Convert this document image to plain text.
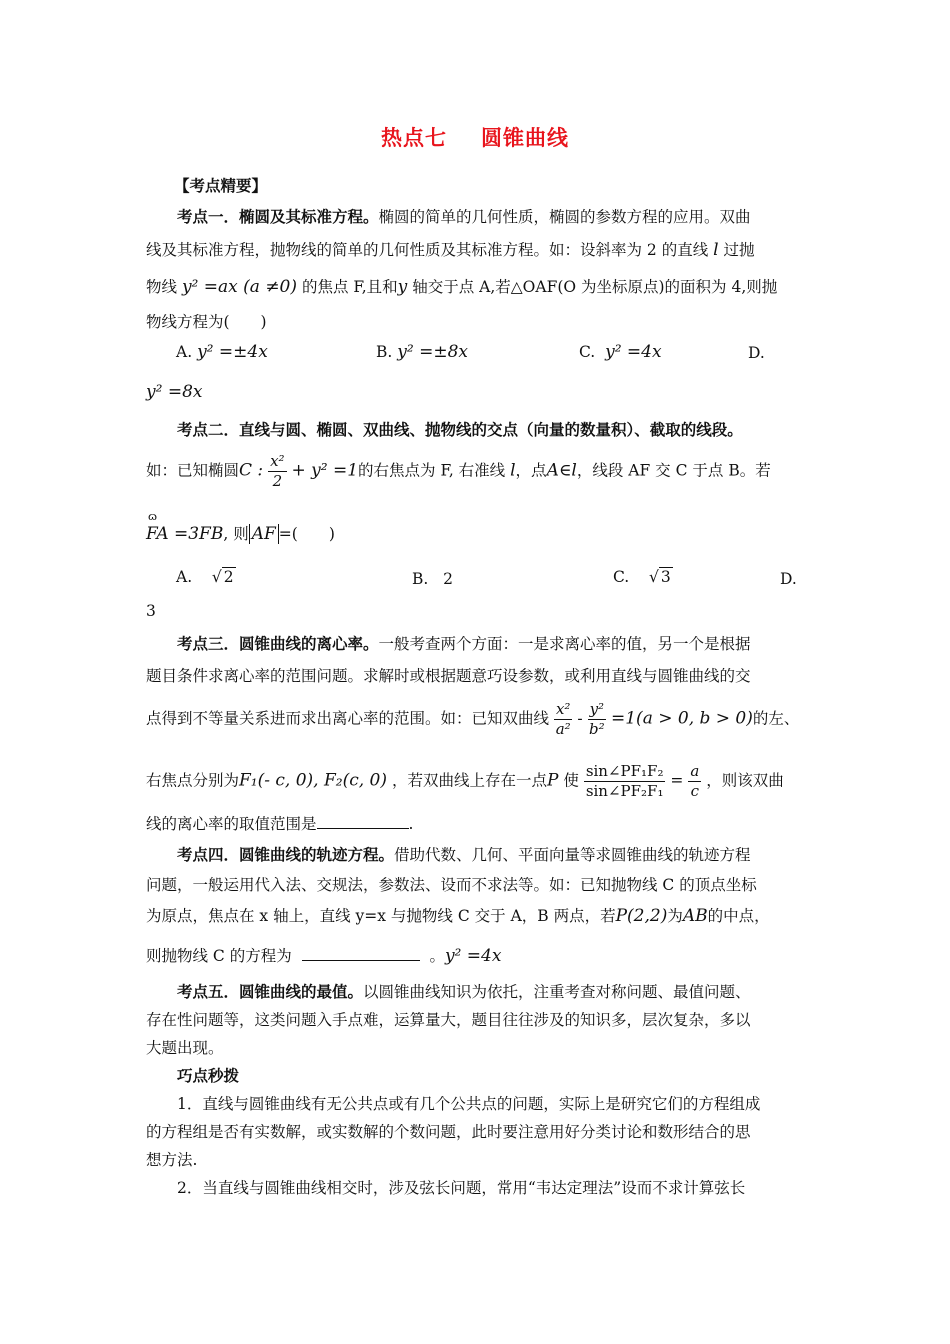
热点七 圆锥曲线
【考点精要】
考点一．椭圆及其标准方程。椭圆的简单的几何性质，椭圆的参数方程的应用。双曲
线及其标准方程，抛物线的简单的几何性质及其标准方程。如：设斜率为 2 的直线 l 过抛
物线 y² =ax (a ≠0) 的焦点 F,且和y 轴交于点 A,若△OAF(O 为坐标原点)的面积为 4,则抛
物线方程为(　　)
A. y² =±4x	B. y² =±8x	C. y² =4x	D.
y² =8x
考点二．直线与圆、椭圆、双曲线、抛物线的交点（向量的数量积）、截取的线段。
如：已知椭圆C : $\frac{\text{x²}}{2} + y^2 =1$的右焦点为 F, 右准线 l，点A∈l，线段 AF 交 C 于点 B。若
ɷ FA =3FB, 则 AF =(　　)
A. √ 2	B. 2	C. √ 3	D.
3
考点三．圆锥曲线的离心率。一般考查两个方面：一是求离心率的值，另一个是根据
题目条件求离心率的范围问题。求解时或根据题意巧设参数，或利用直线与圆锥曲线的交
点得到不等量关系进而求出离心率的范围。如：已知双曲线 $\frac{\text{x²}}{\text{a²}} - \frac{\text{y²}}{\text{b²}} =1(a > 0$, b > 0)的左、
右焦点分别为F₁(- c, 0), F₂(c, 0) ，若双曲线上存在一点P 使 $\frac{\text{sin∠PF₁F₂}}{\text{sin∠PF₂F₁}} = \frac{a}{c}$ ，则该双曲
线的离心率的取值范围是	.
考点四．圆锥曲线的轨迹方程。借助代数、几何、平面向量等求圆锥曲线的轨迹方程
问题，一般运用代入法、交规法，参数法、设而不求法等。如：已知抛物线 C 的顶点坐标
为原点，焦点在 x 轴上，直线 y=x 与抛物线 C 交于 A，B 两点，若P(2,2)为AB的中点，
则抛物线 C 的方程为	。y² =4x
考点五．圆锥曲线的最值。以圆锥曲线知识为依托，注重考查对称问题、最值问题、
存在性问题等，这类问题入手点难，运算量大，题目往往涉及的知识多，层次复杂，多以
大题出现。
巧点秒拨
1．直线与圆锥曲线有无公共点或有几个公共点的问题，实际上是研究它们的方程组成
的方程组是否有实数解，或实数解的个数问题，此时要注意用好分类讨论和数形结合的思
想方法.
2．当直线与圆锥曲线相交时，涉及弦长问题，常用“韦达定理法”设而不求计算弦长
